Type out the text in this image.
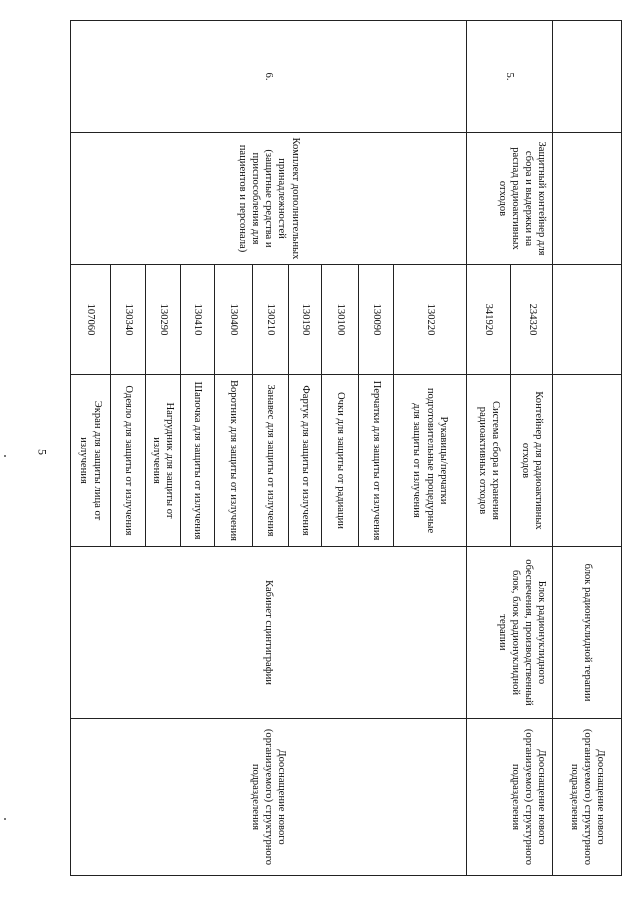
5
				блок радионуклидной терапии	Дооснащение нового (организуемого) структурного подразделения
5.	Защитный контейнер для сбора и выдержки на распад радиоактивных отходов	234320	Контейнер для радиоактивных отходов	Блок радионуклидного обеспечения, производственный блок, блок радионуклидной терапии	Дооснащение нового (организуемого) структурного подразделения
		341920	Система сбора и хранения радиоактивных отходов		
6.	Комплект дополнительных принадлежностей (защитные средства и приспособления для пациентов и персонала)	130220	Рукавицы/перчатки подготовительные процедурные для защиты от излучения	Кабинет сцинтиграфии	Дооснащение нового (организуемого) структурного подразделения
		130090	Перчатки для защиты от излучения		
		130100	Очки для защиты от радиации		
		130190	Фартук для защиты от излучения		
		130210	Занавес для защиты от излучения		
		130400	Воротник для защиты от излучения		
		130410	Шапочка для защиты от излучения		
		130290	Нагрудник для защиты от излучения		
		130340	Одеяло для защиты от излучения		
		107060	Экран для защиты лица от излучения		
